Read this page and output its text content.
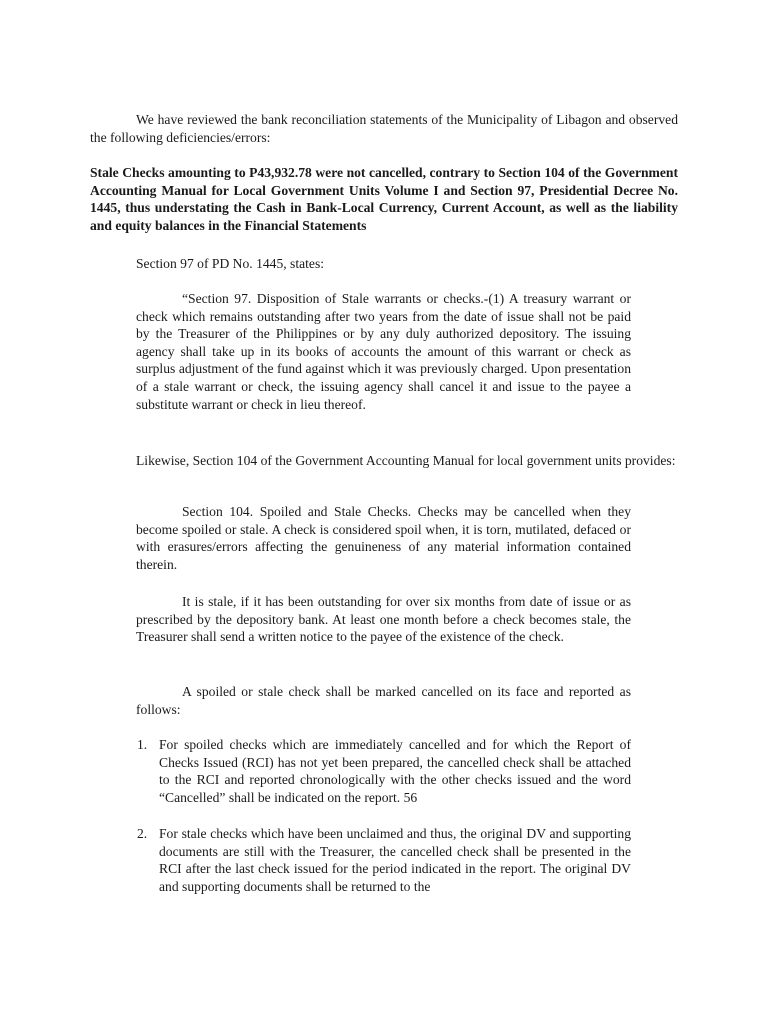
We have reviewed the bank reconciliation statements of the Municipality of Libagon and observed the following deficiencies/errors:

Stale Checks amounting to P43,932.78 were not cancelled, contrary to Section 104 of the Government Accounting Manual for Local Government Units Volume I and Section 97, Presidential Decree No. 1445, thus understating the Cash in Bank-Local Currency, Current Account, as well as the liability and equity balances in the Financial Statements

Section 97 of PD No. 1445, states:

“Section 97. Disposition of Stale warrants or checks.-(1) A treasury warrant or check which remains outstanding after two years from the date of issue shall not be paid by the Treasurer of the Philippines or by any duly authorized depository. The issuing agency shall take up in its books of accounts the amount of this warrant or check as surplus adjustment of the fund against which it was previously charged. Upon presentation of a stale warrant or check, the issuing agency shall cancel it and issue to the payee a substitute warrant or check in lieu thereof.

Likewise, Section 104 of the Government Accounting Manual for local government units provides:

Section 104. Spoiled and Stale Checks. Checks may be cancelled when they become spoiled or stale. A check is considered spoil when, it is torn, mutilated, defaced or with erasures/errors affecting the genuineness of any material information contained therein.

It is stale, if it has been outstanding for over six months from date of issue or as prescribed by the depository bank. At least one month before a check becomes stale, the Treasurer shall send a written notice to the payee of the existence of the check.

A spoiled or stale check shall be marked cancelled on its face and reported as follows:

1. For spoiled checks which are immediately cancelled and for which the Report of Checks Issued (RCI) has not yet been prepared, the cancelled check shall be attached to the RCI and reported chronologically with the other checks issued and the word “Cancelled” shall be indicated on the report. 56

2. For stale checks which have been unclaimed and thus, the original DV and supporting documents are still with the Treasurer, the cancelled check shall be presented in the RCI after the last check issued for the period indicated in the report. The original DV and supporting documents shall be returned to the
